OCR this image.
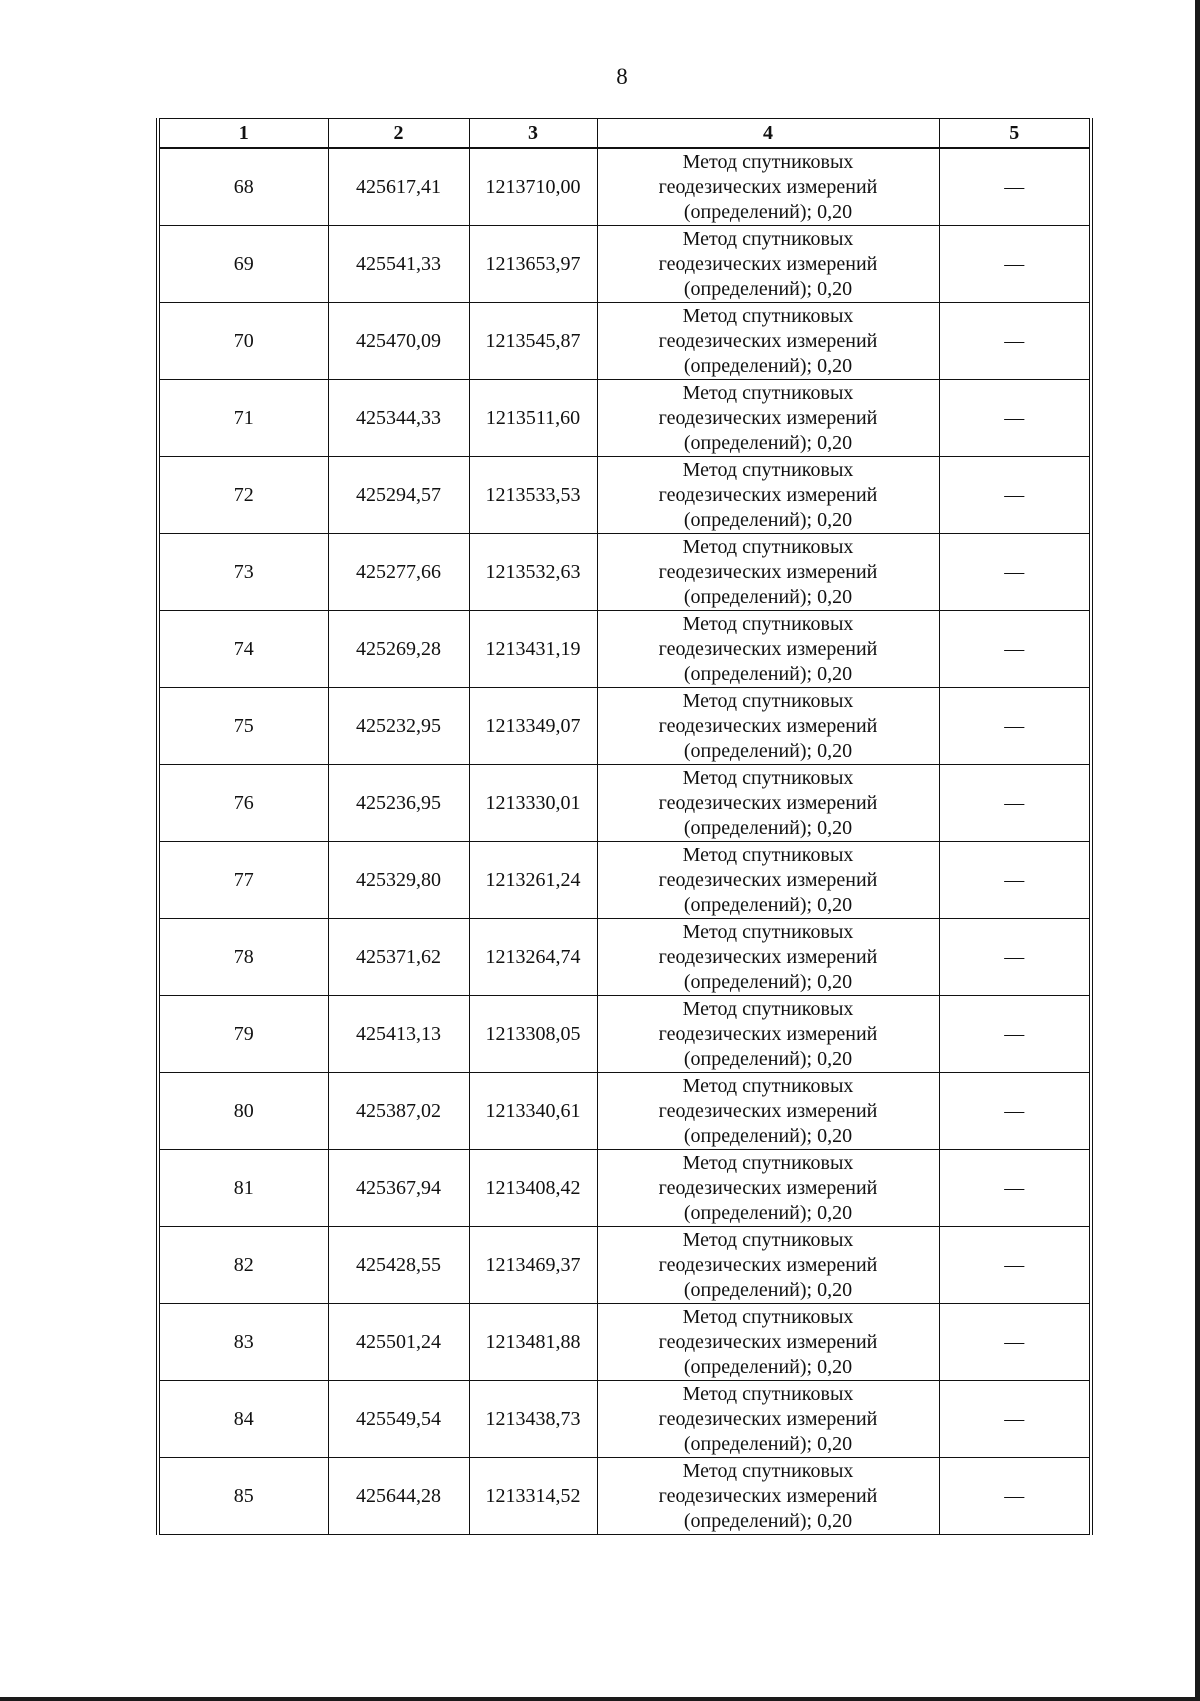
8
1	2	3	4	5
68	425617,41	1213710,00	Метод спутниковых
геодезических измерений
(определений); 0,20	—
69	425541,33	1213653,97	Метод спутниковых
геодезических измерений
(определений); 0,20	—
70	425470,09	1213545,87	Метод спутниковых
геодезических измерений
(определений); 0,20	—
71	425344,33	1213511,60	Метод спутниковых
геодезических измерений
(определений); 0,20	—
72	425294,57	1213533,53	Метод спутниковых
геодезических измерений
(определений); 0,20	—
73	425277,66	1213532,63	Метод спутниковых
геодезических измерений
(определений); 0,20	—
74	425269,28	1213431,19	Метод спутниковых
геодезических измерений
(определений); 0,20	—
75	425232,95	1213349,07	Метод спутниковых
геодезических измерений
(определений); 0,20	—
76	425236,95	1213330,01	Метод спутниковых
геодезических измерений
(определений); 0,20	—
77	425329,80	1213261,24	Метод спутниковых
геодезических измерений
(определений); 0,20	—
78	425371,62	1213264,74	Метод спутниковых
геодезических измерений
(определений); 0,20	—
79	425413,13	1213308,05	Метод спутниковых
геодезических измерений
(определений); 0,20	—
80	425387,02	1213340,61	Метод спутниковых
геодезических измерений
(определений); 0,20	—
81	425367,94	1213408,42	Метод спутниковых
геодезических измерений
(определений); 0,20	—
82	425428,55	1213469,37	Метод спутниковых
геодезических измерений
(определений); 0,20	—
83	425501,24	1213481,88	Метод спутниковых
геодезических измерений
(определений); 0,20	—
84	425549,54	1213438,73	Метод спутниковых
геодезических измерений
(определений); 0,20	—
85	425644,28	1213314,52	Метод спутниковых
геодезических измерений
(определений); 0,20	—
